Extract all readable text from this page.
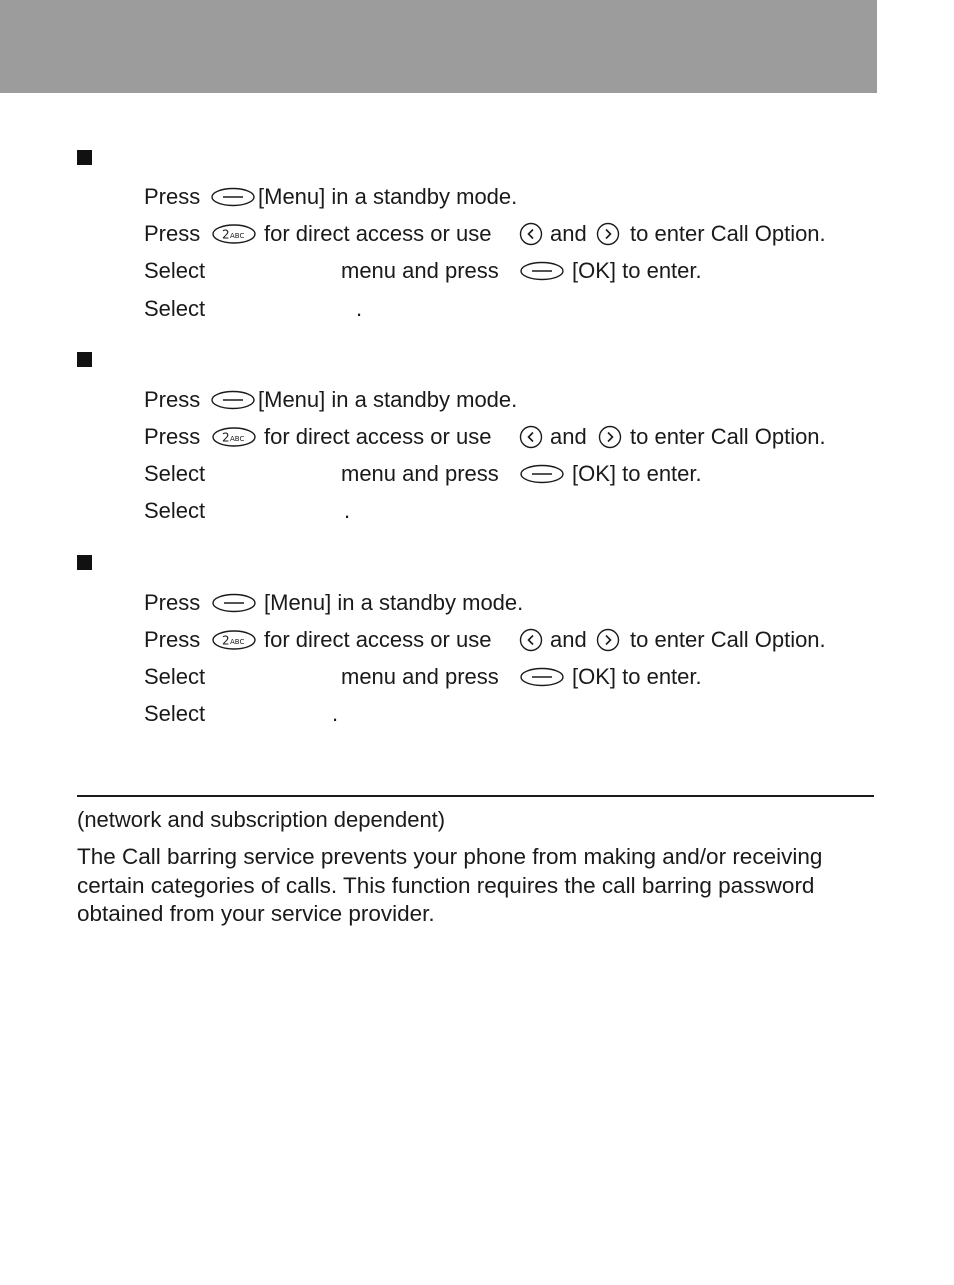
Press	[Menu] in a standby mode.
Press 2 ABC for direct access or use	and to enter Call Option.
Select	menu and press	[OK] to enter.
Select	.
Press	[Menu] in a standby mode.
Press 2 ABC for direct access or use	and to enter Call Option.
Select	menu and press	[OK] to enter.
Select	.
Press	[Menu] in a standby mode.
Press 2 ABC for direct access or use	and to enter Call Option.
Select	menu and press	[OK] to enter.
Select	.
(network and subscription dependent)
The Call barring service prevents your phone from making and/or receiving
certain categories of calls. This function requires the call barring password
obtained from your service provider.
